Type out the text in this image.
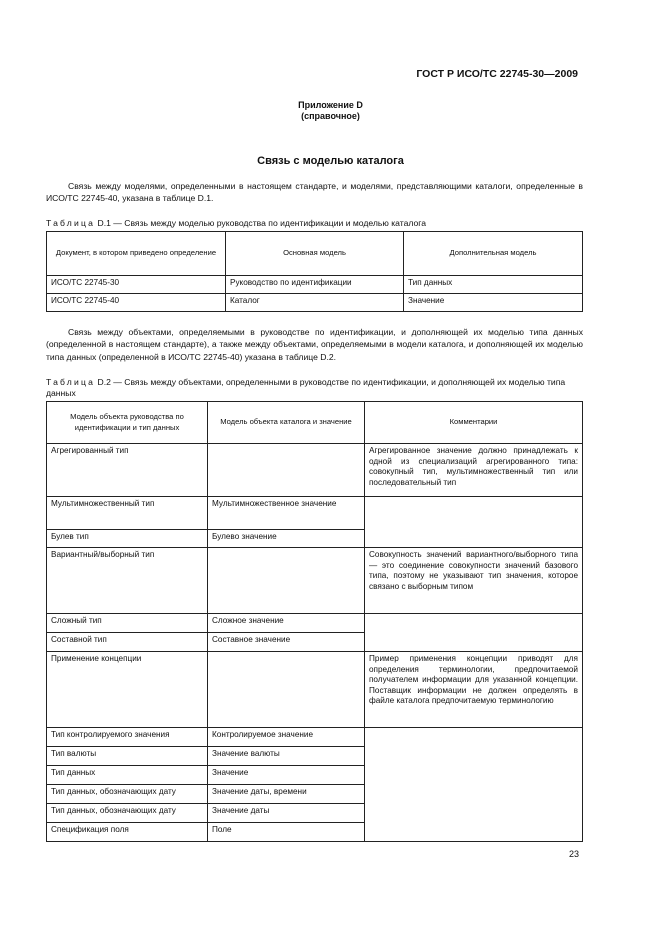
ГОСТ Р ИСО/ТС 22745-30—2009
Приложение D
(справочное)
Связь с моделью каталога
Связь между моделями, определенными в настоящем стандарте, и моделями, представляющими каталоги, определенные в ИСО/ТС 22745-40, указана в таблице D.1.
Таблица D.1 — Связь между моделью руководства по идентификации и моделью каталога
Документ, в котором приведено определение	Основная модель	Дополнительная модель
ИСО/ТС 22745-30	Руководство по идентификации	Тип данных
ИСО/ТС 22745-40	Каталог	Значение
Связь между объектами, определяемыми в руководстве по идентификации, и дополняющей их моделью типа данных (определенной в настоящем стандарте), а также между объектами, определяемыми в модели каталога, и дополняющей их моделью типа данных (определенной в ИСО/ТС 22745-40) указана в таблице D.2.
Таблица D.2 — Связь между объектами, определенными в руководстве по идентификации, и дополняющей их моделью типа данных
Модель объекта руководства по идентификации и тип данных	Модель объекта каталога и значение	Комментарии
Агрегированный тип		Агрегированное значение должно принадлежать к одной из специализаций агрегированного типа: совокупный тип, мультимножественный тип или последовательный тип
Мультимножественный тип	Мультимножественное значение	
Булев тип	Булево значение	
Вариантный/выборный тип		Совокупность значений вариантного/выборного типа — это соединение совокупности значений базового типа, поэтому не указывают тип значения, которое связано с выборным типом
Сложный тип	Сложное значение	
Составной тип	Составное значение	
Применение концепции		Пример применения концепции приводят для определения терминологии, предпочитаемой получателем информации для указанной концепции. Поставщик информации не должен определять в файле каталога предпочитаемую терминологию
Тип контролируемого значения	Контролируемое значение	
Тип валюты	Значение валюты	
Тип данных	Значение	
Тип данных, обозначающих дату	Значение даты, времени	
Тип данных, обозначающих дату	Значение даты	
Спецификация поля	Поле	
23
